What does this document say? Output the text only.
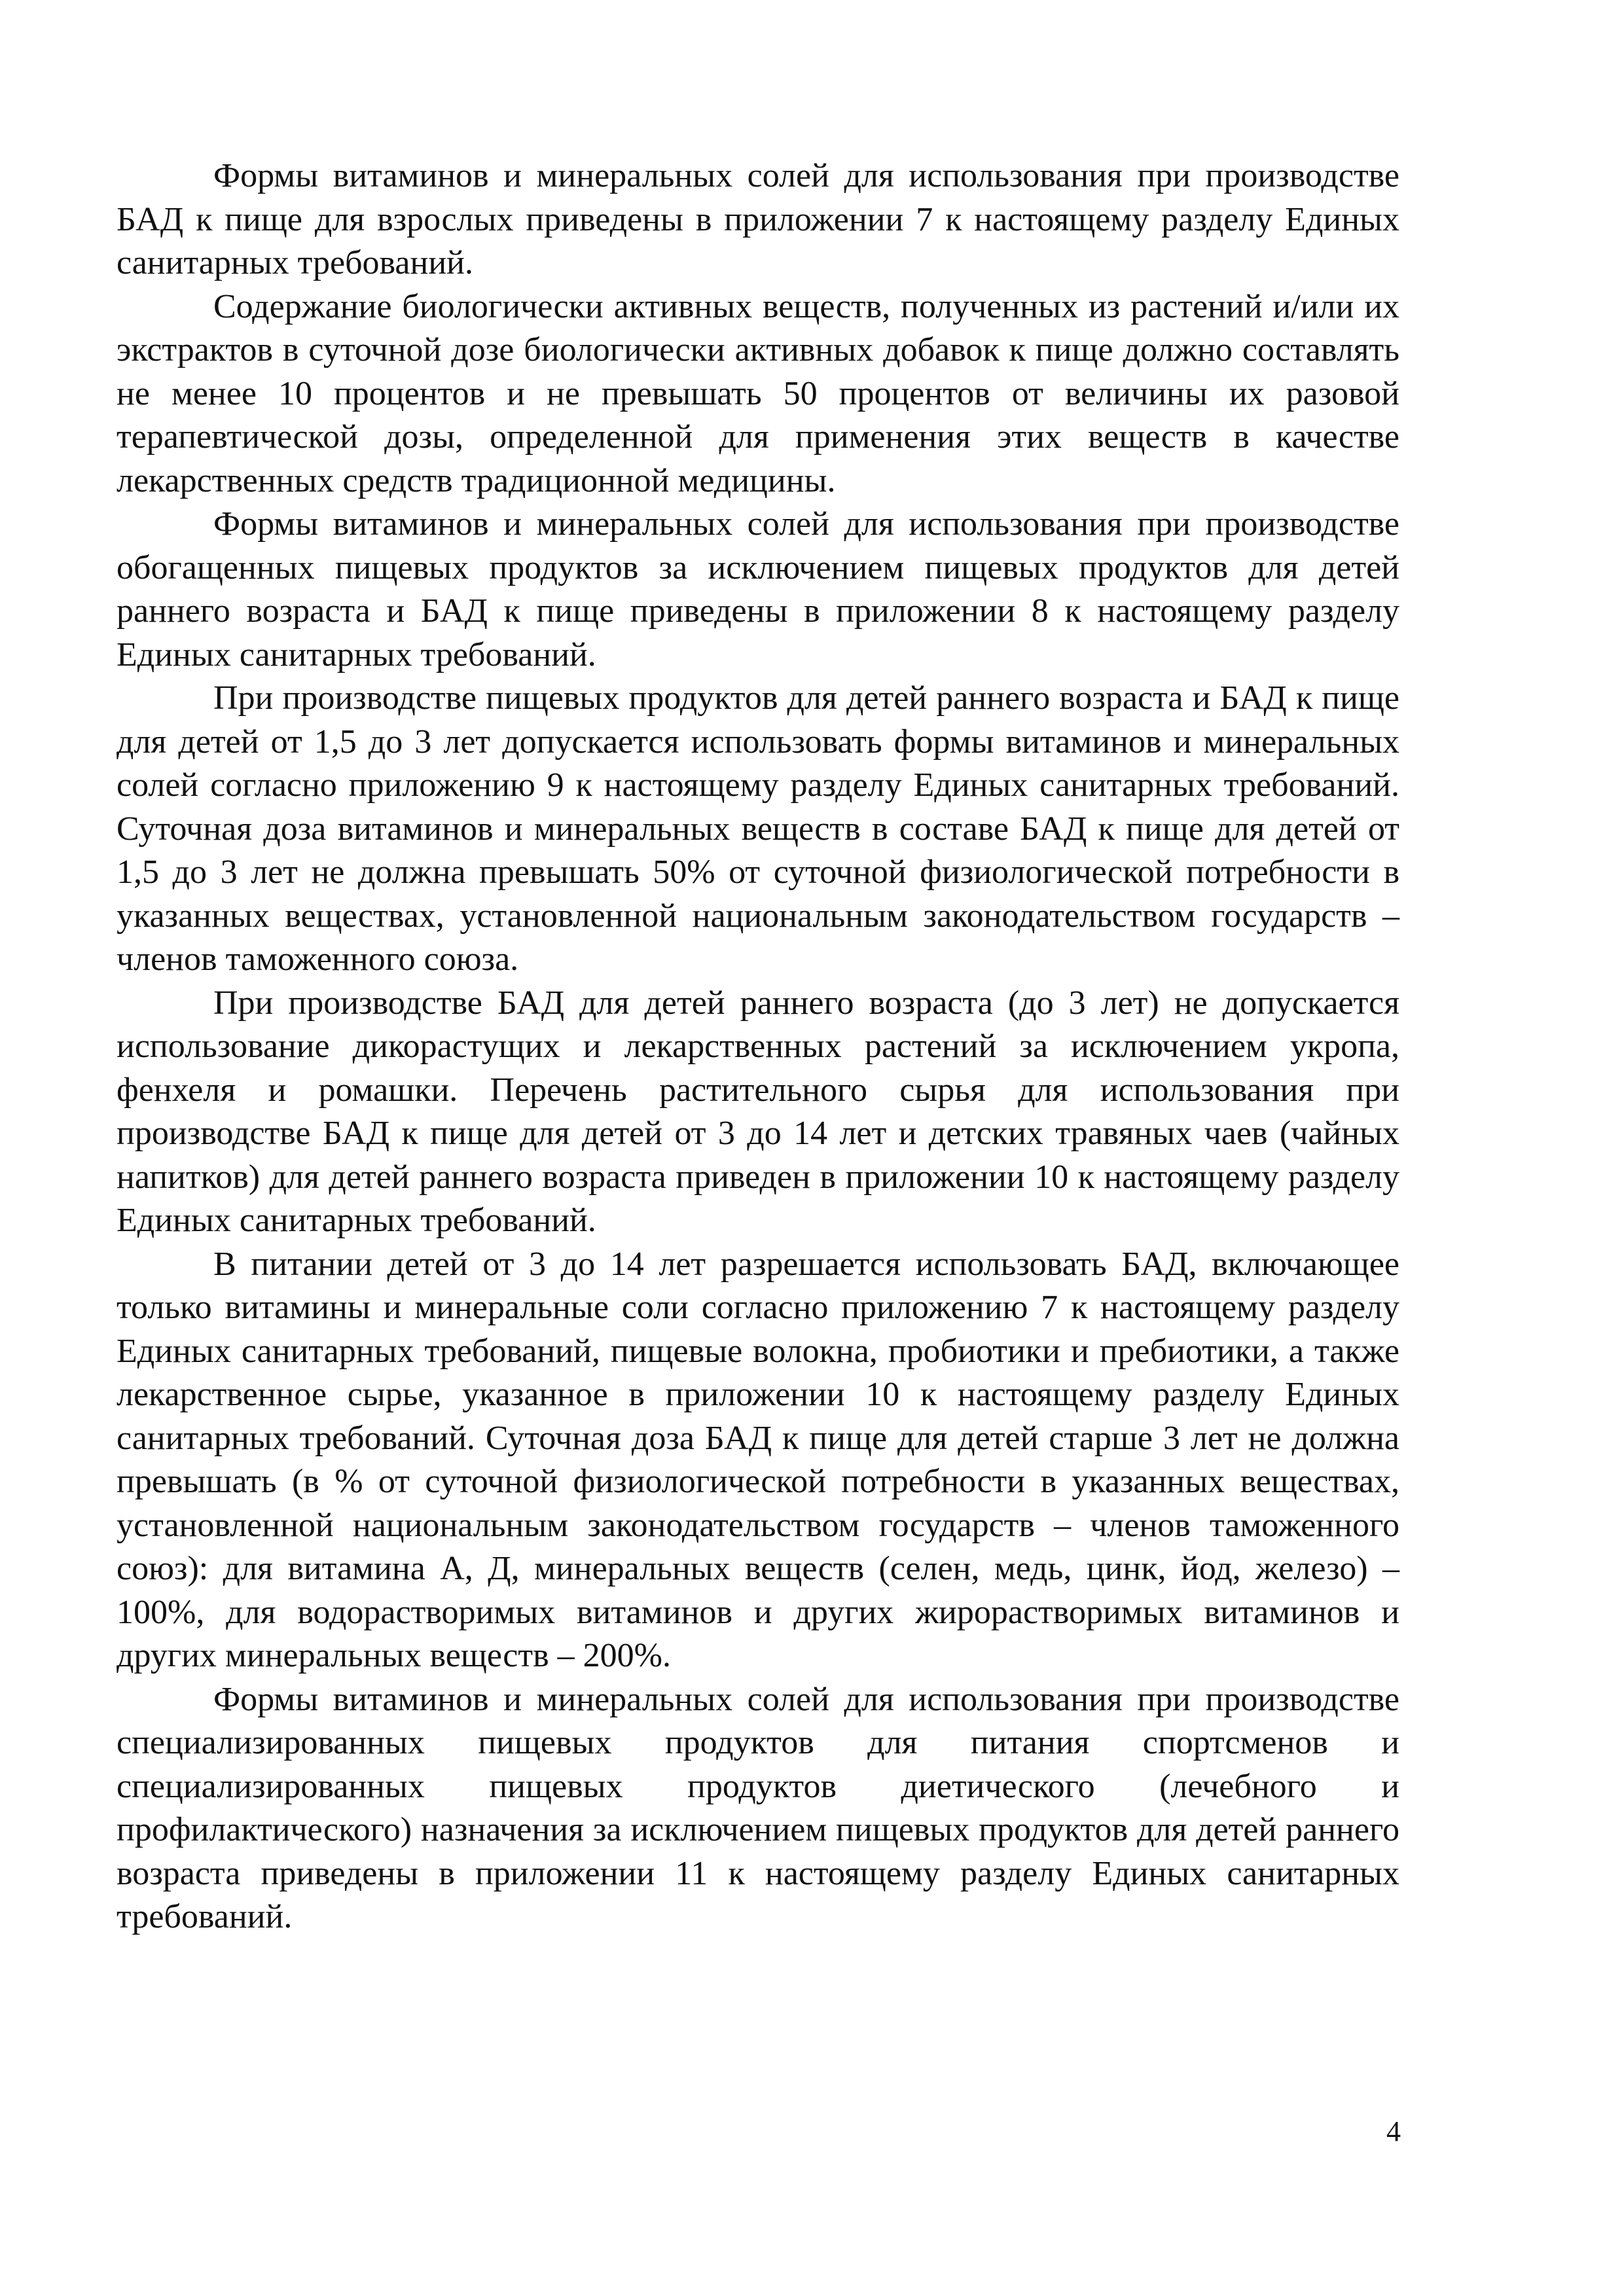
Формы витаминов и минеральных солей для использования при производстве БАД к пище для взрослых приведены в приложении 7 к настоящему разделу Единых санитарных требований.

Содержание биологически активных веществ, полученных из растений и/или их экстрактов в суточной дозе биологически активных добавок к пище должно составлять не менее 10 процентов и не превышать 50 процентов от величины их разовой терапевтической дозы, определенной для применения этих веществ в качестве лекарственных средств традиционной медицины.

Формы витаминов и минеральных солей для использования при производстве обогащенных пищевых продуктов за исключением пищевых продуктов для детей раннего возраста и БАД к пище приведены в приложении 8 к настоящему разделу Единых санитарных требований.

При производстве пищевых продуктов для детей раннего возраста и БАД к пище для детей от 1,5 до 3 лет допускается использовать формы витаминов и минеральных солей согласно приложению 9 к настоящему разделу Единых санитарных требований. Суточная доза витаминов и минеральных веществ в составе БАД к пище для детей от 1,5 до 3 лет не должна превышать 50% от суточной физиологической потребности в указанных веществах, установленной национальным законодательством государств – членов таможенного союза.

При производстве БАД для детей раннего возраста (до 3 лет) не допускается использование дикорастущих и лекарственных растений за исключением укропа, фенхеля и ромашки. Перечень растительного сырья для использования при производстве БАД к пище для детей от 3 до 14 лет и детских травяных чаев (чайных напитков) для детей раннего возраста приведен в приложении 10 к настоящему разделу Единых санитарных требований.

В питании детей от 3 до 14 лет разрешается использовать БАД, включающее только витамины и минеральные соли согласно приложению 7 к настоящему разделу Единых санитарных требований, пищевые волокна, пробиотики и пребиотики, а также лекарственное сырье, указанное в приложении 10 к настоящему разделу Единых санитарных требований. Суточная доза БАД к пище для детей старше 3 лет не должна превышать (в % от суточной физиологической потребности в указанных веществах, установленной национальным законодательством государств – членов таможенного союз): для витамина А, Д, минеральных веществ (селен, медь, цинк, йод, железо) – 100%, для водорастворимых витаминов и других жирорастворимых витаминов и других минеральных веществ – 200%.

Формы витаминов и минеральных солей для использования при производстве специализированных пищевых продуктов для питания спортсменов и специализированных пищевых продуктов диетического (лечебного и профилактического) назначения за исключением пищевых продуктов для детей раннего возраста приведены в приложении 11 к настоящему разделу Единых санитарных требований.

4
